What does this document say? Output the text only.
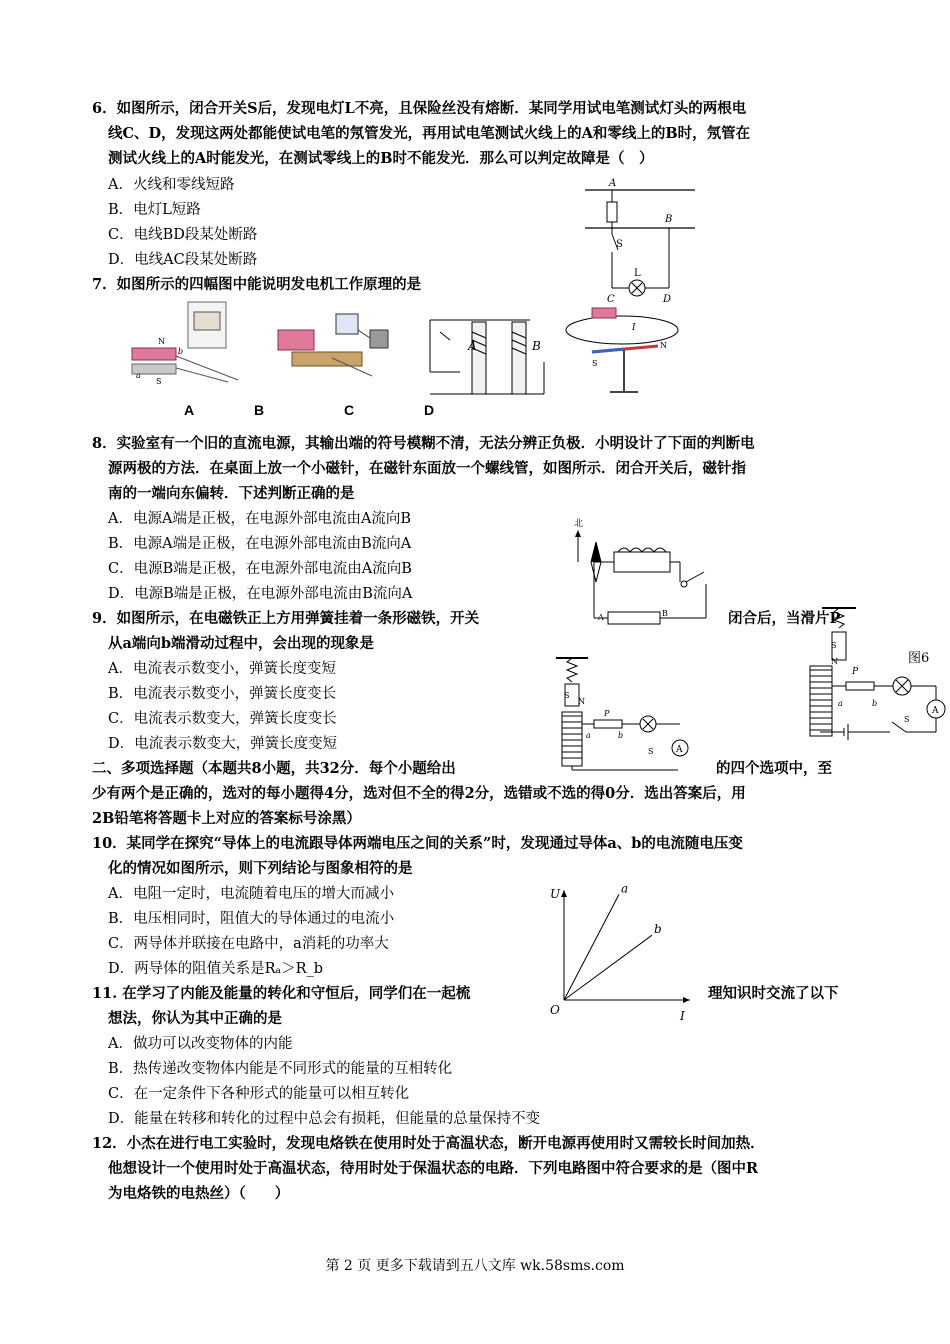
6．如图所示，闭合开关S后，发现电灯L不亮，且保险丝没有熔断．某同学用试电笔测试灯头的两根电
线C、D，发现这两处都能使试电笔的氖管发光，再用试电笔测试火线上的A和零线上的B时，氖管在
测试火线上的A时能发光，在测试零线上的B时不能发光．那么可以判定故障是（　）
A．火线和零线短路
B．电灯L短路
C．电线BD段某处断路
D．电线AC段某处断路
A
B
S
L
C	D
7．如图所示的四幅图中能说明发电机工作原理的是
N
b
a
S
A	B
I
N
S
A	B	C	D
8．实验室有一个旧的直流电源，其输出端的符号模糊不清，无法分辨正负极．小明设计了下面的判断电
源两极的方法．在桌面上放一个小磁针，在磁针东面放一个螺线管，如图所示．闭合开关后，磁针指
南的一端向东偏转．下述判断正确的是
A．电源A端是正极，在电源外部电流由A流向B
B．电源A端是正极，在电源外部电流由B流向A
C．电源B端是正极，在电源外部电流由A流向B
D．电源B端是正极，在电源外部电流由B流向A
北
A	B
9．如图所示，在电磁铁正上方用弹簧挂着一条形磁铁，开关	闭合后，当滑片P
从a端向b端滑动过程中，会出现的现象是
A．电流表示数变小，弹簧长度变短
B．电流表示数变小，弹簧长度变长
C．电流表示数变大，弹簧长度变长
D．电流表示数变大，弹簧长度变短
S
N
A
P
a	b
S
S
N
A
P
a	b
S
图6
二、多项选择题（本题共8小题，共32分．每个小题给出	的四个选项中，至
少有两个是正确的，选对的每小题得4分，选对但不全的得2分，选错或不选的得0分．选出答案后，用
2B铅笔将答题卡上对应的答案标号涂黑）
10．某同学在探究“导体上的电流跟导体两端电压之间的关系”时，发现通过导体a、b的电流随电压变
化的情况如图所示，则下列结论与图象相符的是
A．电阻一定时，电流随着电压的增大而减小
B．电压相同时，阻值大的导体通过的电流小
C．两导体并联接在电路中，a消耗的功率大
D．两导体的阻值关系是Rₐ＞R_b
U
I
O
a
b
11. 在学习了内能及能量的转化和守恒后，同学们在一起梳	理知识时交流了以下
想法，你认为其中正确的是
A．做功可以改变物体的内能
B．热传递改变物体内能是不同形式的能量的互相转化
C．在一定条件下各种形式的能量可以相互转化
D．能量在转移和转化的过程中总会有损耗，但能量的总量保持不变
12．小杰在进行电工实验时，发现电烙铁在使用时处于高温状态，断开电源再使用时又需较长时间加热．
他想设计一个使用时处于高温状态，待用时处于保温状态的电路．下列电路图中符合要求的是（图中R
为电烙铁的电热丝）（　　）
第 2 页 更多下载请到五八文库 wk.58sms.com
